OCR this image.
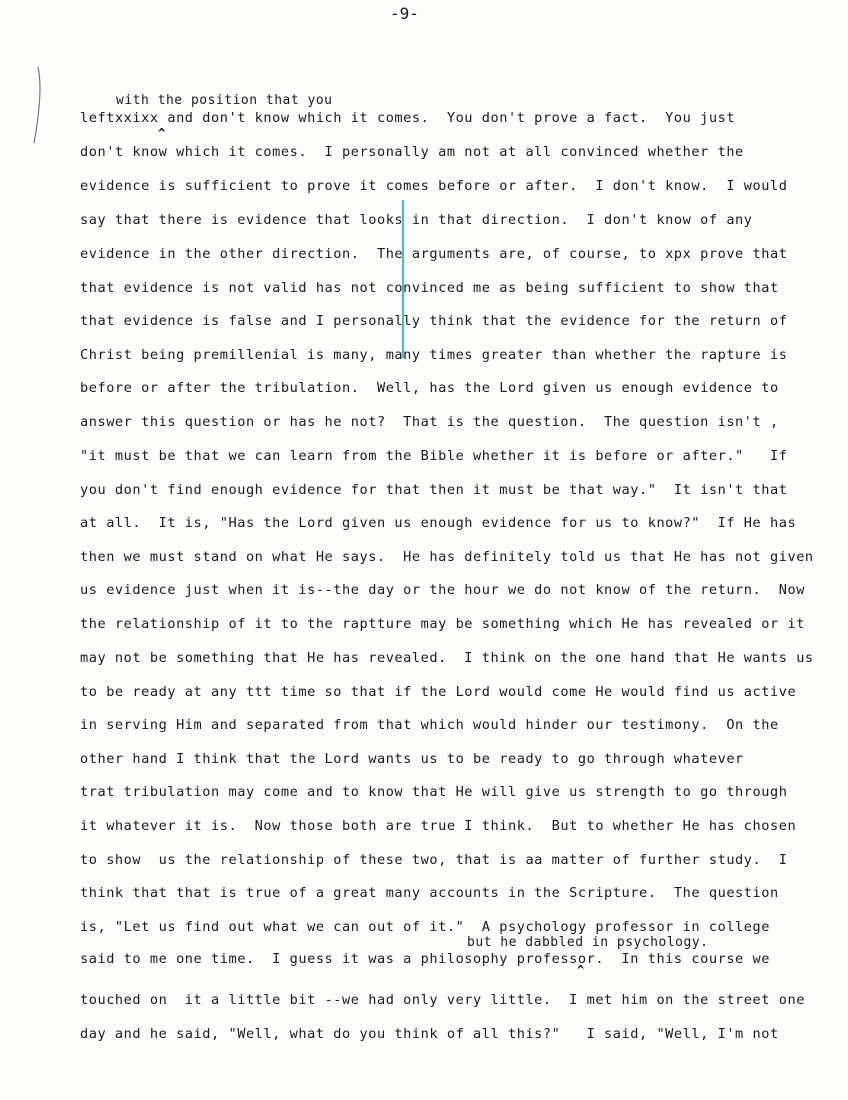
-9-
with the position that you
^
leftxxixx and don't know which it comes.  You don't prove a fact.  You just
don't know which it comes.  I personally am not at all convinced whether the
evidence is sufficient to prove it comes before or after.  I don't know.  I would
say that there is evidence that looks in that direction.  I don't know of any
evidence in the other direction.  The arguments are, of course, to xpx prove that
that evidence is not valid has not convinced me as being sufficient to show that
that evidence is false and I personally think that the evidence for the return of
Christ being premillenial is many, many times greater than whether the rapture is
before or after the tribulation.  Well, has the Lord given us enough evidence to
answer this question or has he not?  That is the question.  The question isn't ,
"it must be that we can learn from the Bible whether it is before or after."   If
you don't find enough evidence for that then it must be that way."  It isn't that
at all.  It is, "Has the Lord given us enough evidence for us to know?"  If He has
then we must stand on what He says.  He has definitely told us that He has not given
us evidence just when it is--the day or the hour we do not know of the return.  Now
the relationship of it to the raptture may be something which He has revealed or it
may not be something that He has revealed.  I think on the one hand that He wants us
to be ready at any ttt time so that if the Lord would come He would find us active
in serving Him and separated from that which would hinder our testimony.  On the
other hand I think that the Lord wants us to be ready to go through whatever
trat tribulation may come and to know that He will give us strength to go through
it whatever it is.  Now those both are true I think.  But to whether He has chosen
to show  us the relationship of these two, that is aa matter of further study.  I
think that that is true of a great many accounts in the Scripture.  The question
is, "Let us find out what we can out of it."  A psychology professor in college
but he dabbled in psychology.
^
said to me one time.  I guess it was a philosophy professor.  In this course we
touched on  it a little bit --we had only very little.  I met him on the street one
day and he said, "Well, what do you think of all this?"   I said, "Well, I'm not
